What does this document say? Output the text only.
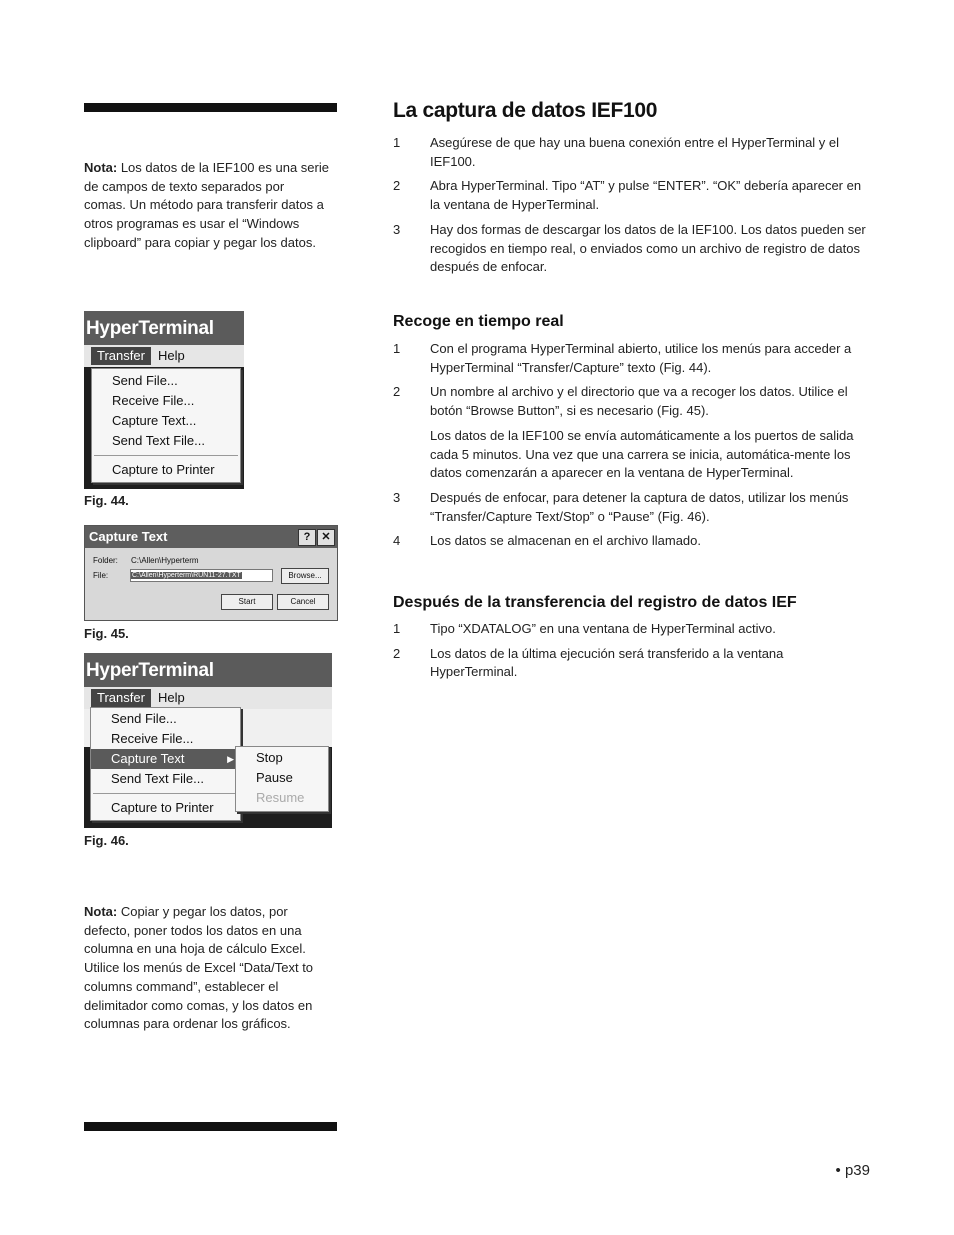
Nota: Los datos de la IEF100 es una serie de campos de texto separados por comas. Un método para transferir datos a otros programas es usar el “Windows clipboard” para copiar y pegar los datos.
HyperTerminal
Transfer	Help
Send File...
Receive File...
Capture Text...
Send Text File...
Capture to Printer
Fig. 44.
Capture Text	?	✕
Folder: C:\Allen\Hyperterm
File:	C:\Allen\Hyperterm\RUN11-27.TXT	Browse...
Start	Cancel
Fig. 45.
HyperTerminal
Transfer	Help
Send File...
Receive File...
Capture Text	▶
Send Text File...
Capture to Printer
Stop
Pause
Resume
Fig. 46.
Nota: Copiar y pegar los datos, por defecto, poner todos los datos en una columna en una hoja de cálculo Excel. Utilice los menús de Excel “Data/Text to columns command”, establecer el delimitador como comas, y los datos en columnas para ordenar los gráficos.
La captura de datos IEF100
1 Asegúrese de que hay una buena conexión entre el HyperTerminal y el IEF100.
2 Abra HyperTerminal. Tipo “AT” y pulse “ENTER”. “OK” debería aparecer en la ventana de HyperTerminal.
3 Hay dos formas de descargar los datos de la IEF100. Los datos pueden ser recogidos en tiempo real, o enviados como un archivo de registro de datos después de enfocar.
Recoge en tiempo real
1 Con el programa HyperTerminal abierto, utilice los menús para acceder a HyperTerminal “Transfer/Capture” texto (Fig. 44).
2 Un nombre al archivo y el directorio que va a recoger los datos. Utilice el botón “Browse Button”, si es necesario (Fig. 45).

Los datos de la IEF100 se envía automáticamente a los puertos de salida cada 5 minutos. Una vez que una carrera se inicia, automática-mente los datos comenzarán a aparecer en la ventana de HyperTerminal.

3 Después de enfocar, para detener la captura de datos, utilizar los menús “Transfer/Capture Text/Stop” o “Pause” (Fig. 46).
4 Los datos se almacenan en el archivo llamado.
Después de la transferencia del registro de datos IEF
1 Tipo “XDATALOG” en una ventana de HyperTerminal activo.
2 Los datos de la última ejecución será transferido a la ventana HyperTerminal.
• p39
